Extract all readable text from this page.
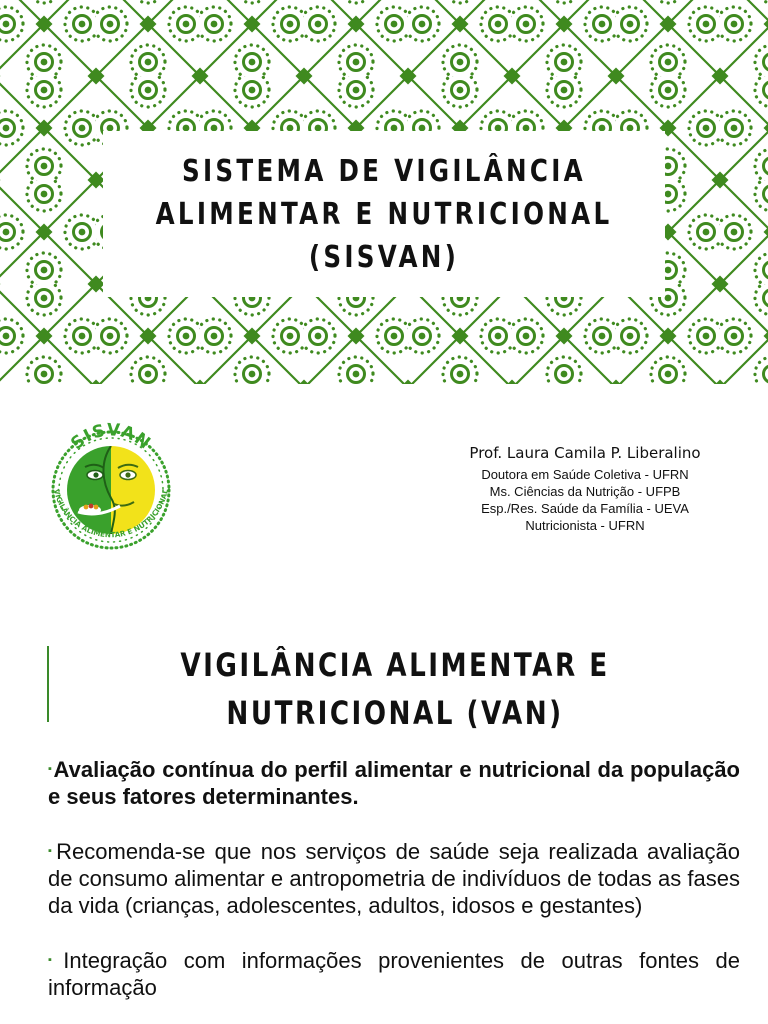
SISTEMA DE VIGILÂNCIA
ALIMENTAR E NUTRICIONAL
(SISVAN)
SISVAN
VIGILÂNCIA ALIMENTAR E NUTRICIONAL
Prof. Laura Camila P. Liberalino
Doutora em Saúde Coletiva - UFRN
Ms. Ciências da Nutrição - UFPB
Esp./Res. Saúde da Família - UEVA
Nutricionista - UFRN
VIGILÂNCIA ALIMENTAR E
NUTRICIONAL (VAN)
▪Avaliação contínua do perfil alimentar e nutricional da população e seus fatores determinantes.
▪Recomenda-se que nos serviços de saúde seja realizada avaliação de consumo alimentar e antropometria de indivíduos de todas as fases da vida (crianças, adolescentes, adultos, idosos e gestantes)
▪Integração com informações provenientes de outras fontes de informação
